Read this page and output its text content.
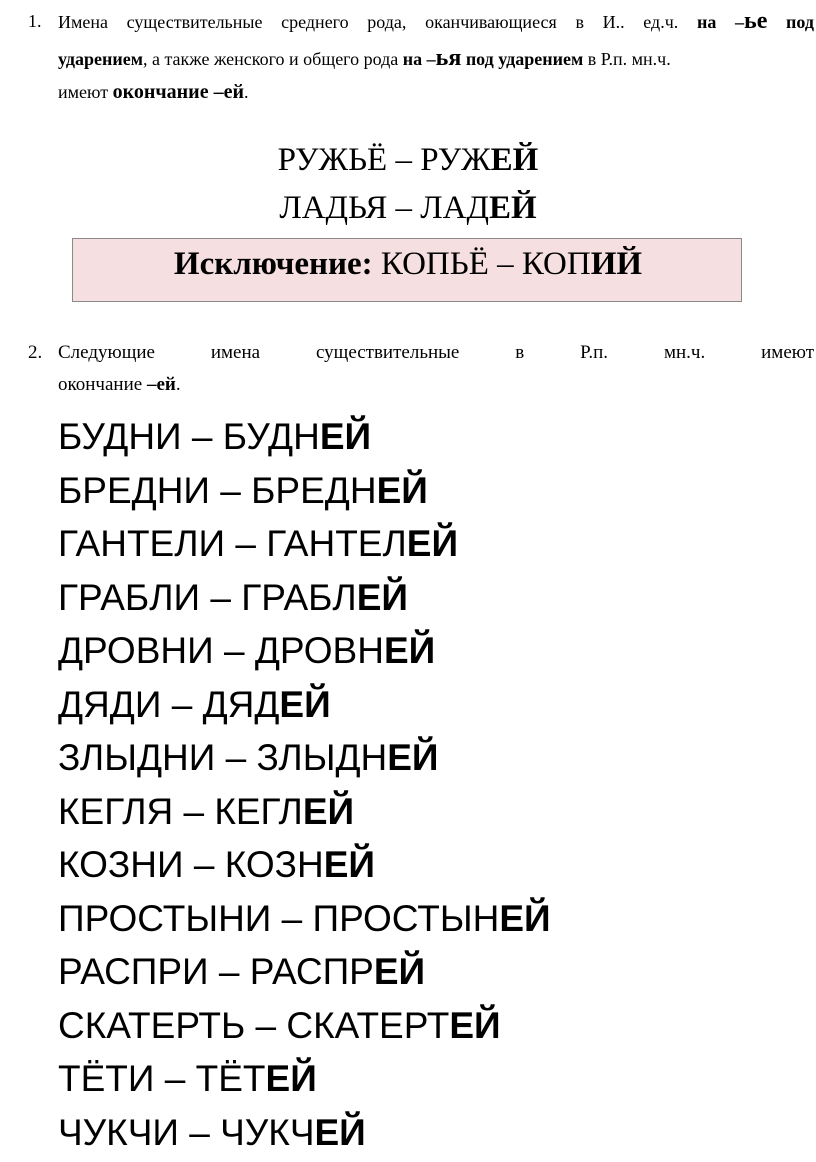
1. Имена существительные среднего рода, оканчивающиеся в И.. ед.ч. на –ье под
ударением, а также женского и общего рода на –ья под ударением в Р.п. мн.ч.
имеют окончание –ей.
РУЖЬЁ – РУЖЕЙ
ЛАДЬЯ – ЛАДЕЙ
Исключение: КОПЬЁ – КОПИЙ
2. Следующие имена существительные в Р.п. мн.ч. имеют
окончание –ей.
БУДНИ – БУДНЕЙ
БРЕДНИ – БРЕДНЕЙ
ГАНТЕЛИ – ГАНТЕЛЕЙ
ГРАБЛИ – ГРАБЛЕЙ
ДРОВНИ – ДРОВНЕЙ
ДЯДИ – ДЯДЕЙ
ЗЛЫДНИ – ЗЛЫДНЕЙ
КЕГЛЯ – КЕГЛЕЙ
КОЗНИ – КОЗНЕЙ
ПРОСТЫНИ – ПРОСТЫНЕЙ
РАСПРИ – РАСПРЕЙ
СКАТЕРТЬ – СКАТЕРТЕЙ
ТЁТИ – ТЁТЕЙ
ЧУКЧИ – ЧУКЧЕЙ
